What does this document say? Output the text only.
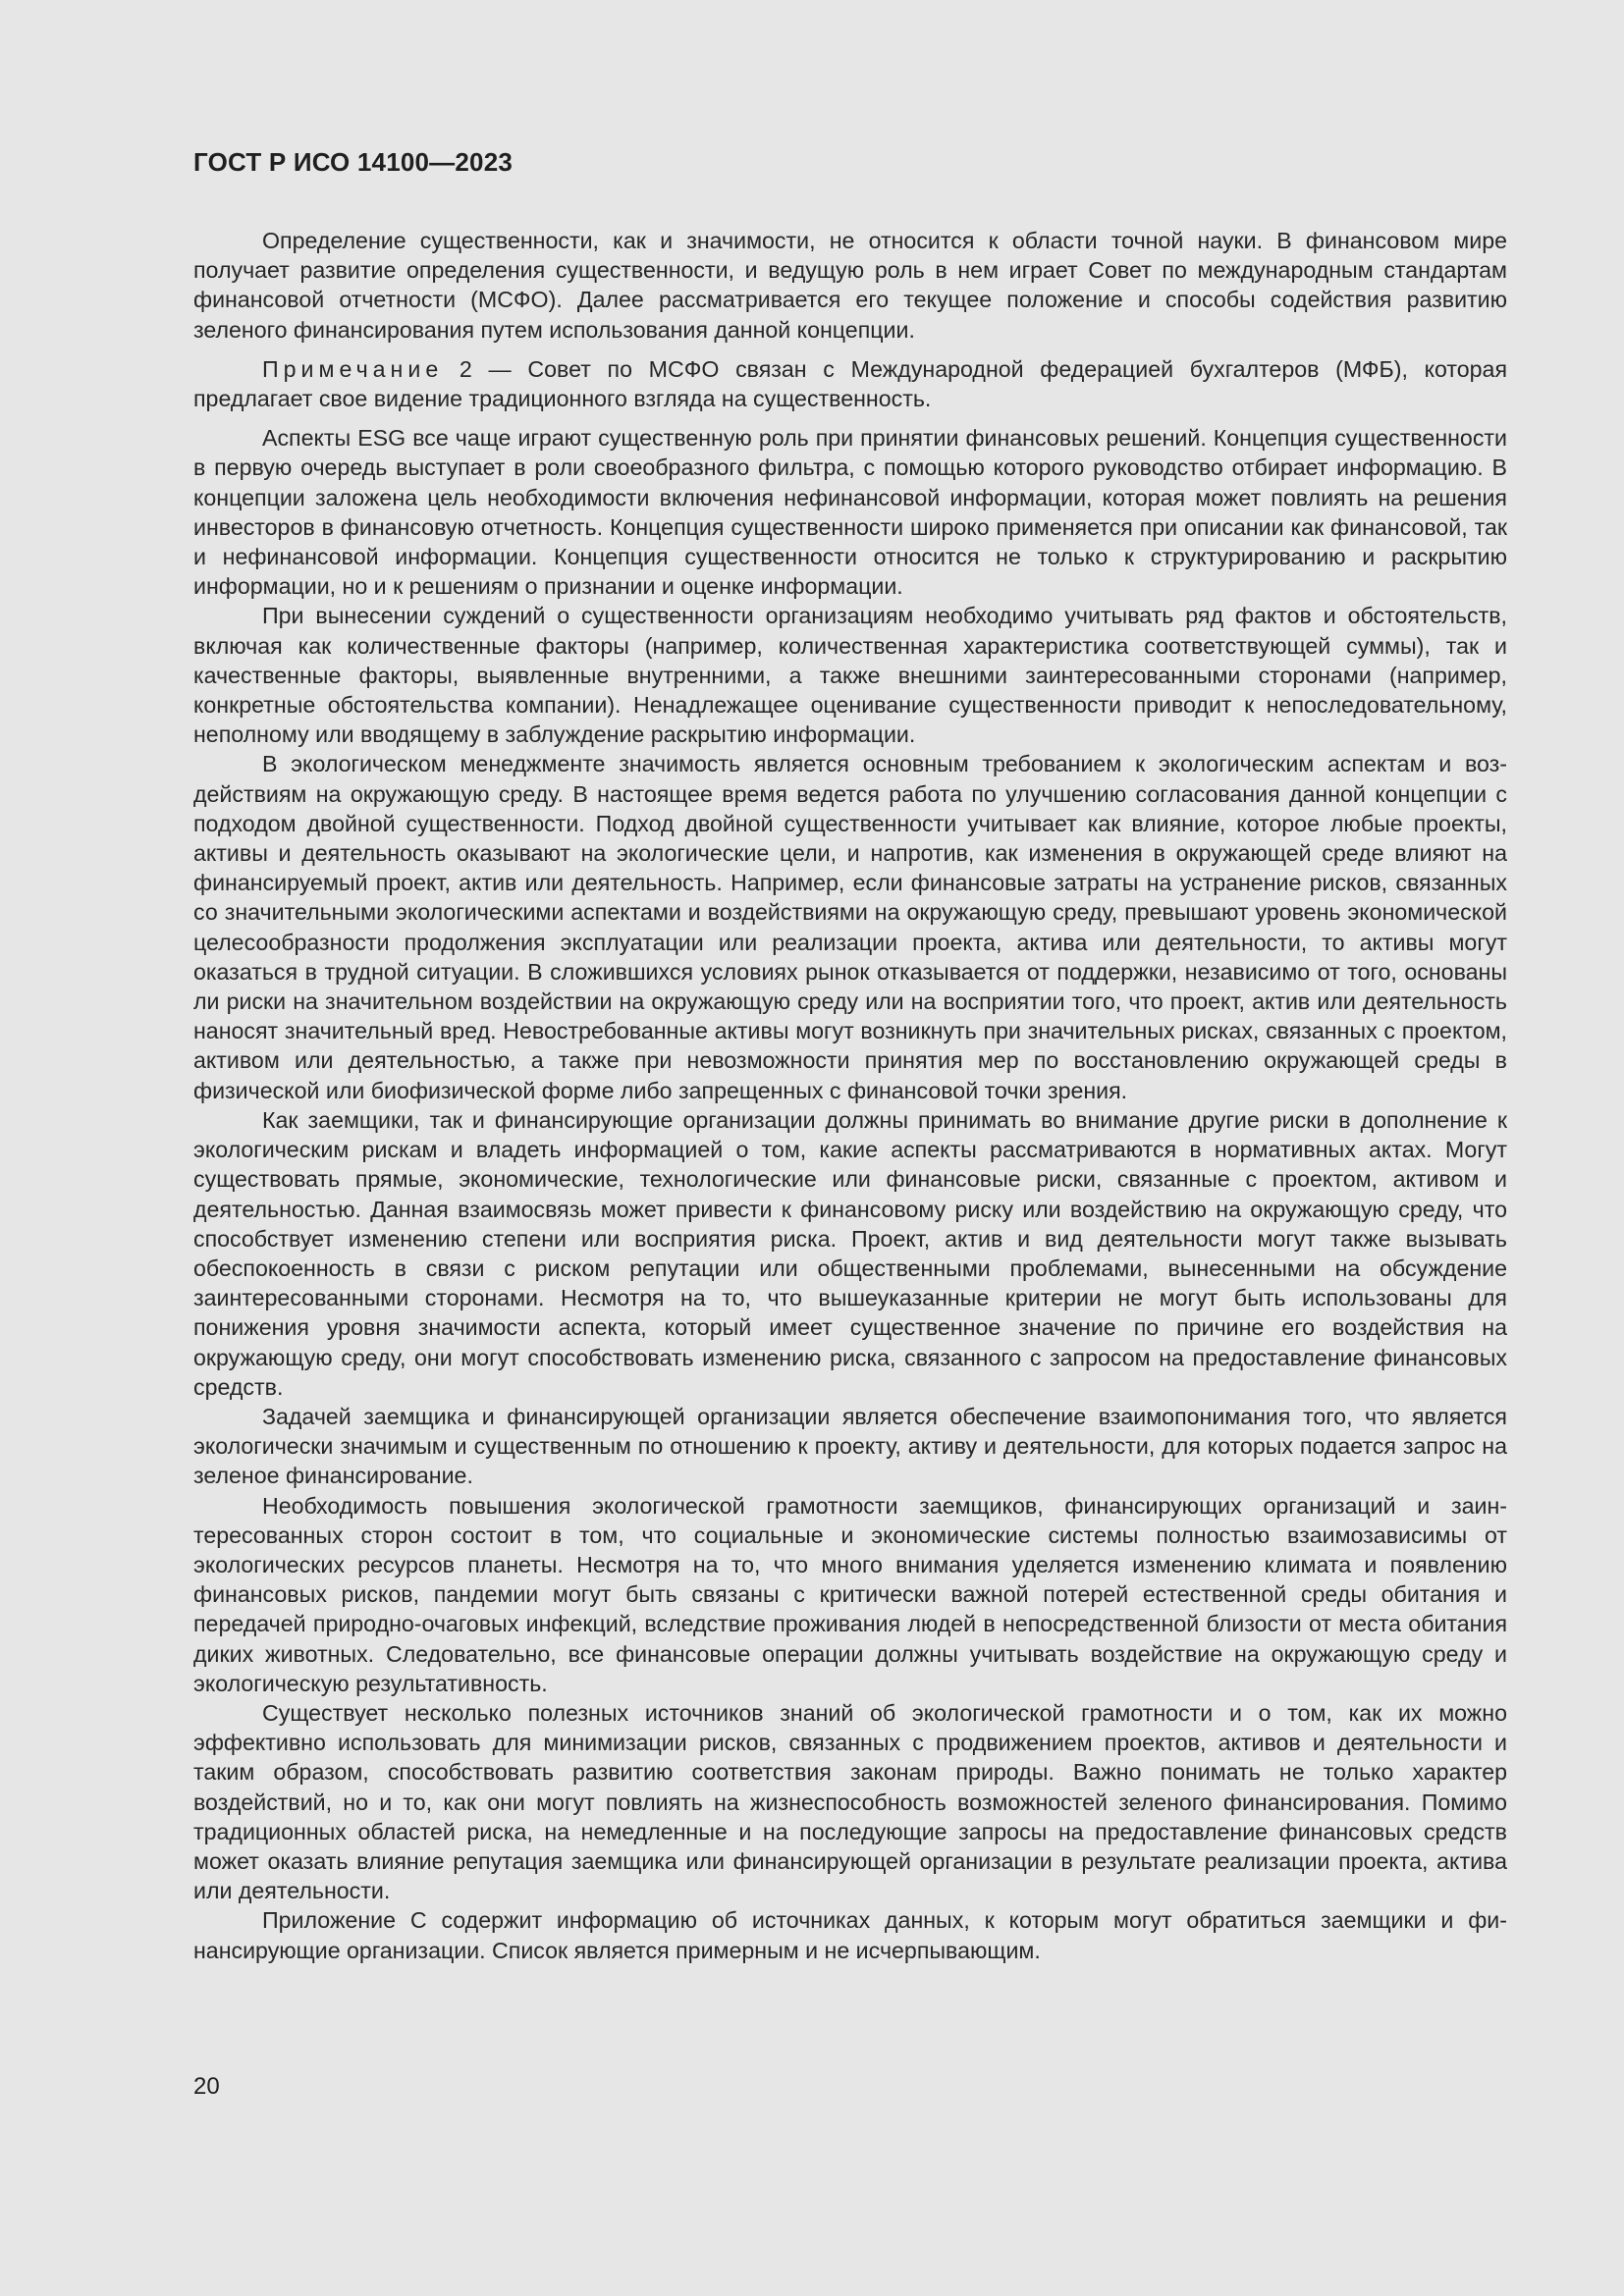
ГОСТ Р ИСО 14100—2023

Определение существенности, как и значимости, не относится к области точной науки. В финансовом мире получает развитие определения существенности, и ведущую роль в нем играет Совет по международным стандартам финансовой отчетности (МСФО). Далее рассматривается его текущее положение и способы содействия развитию зеленого финансирования путем использования данной концепции.

Примечание 2 — Совет по МСФО связан с Международной федерацией бухгалтеров (МФБ), которая предлагает свое видение традиционного взгляда на существенность.

Аспекты ESG все чаще играют существенную роль при принятии финансовых решений. Концепция существенности в первую очередь выступает в роли своеобразного фильтра, с помощью которого руководство отбирает информацию. В концепции заложена цель необходимости включения нефинансовой информации, которая может повлиять на решения инвесторов в финансовую отчетность. Концепция существенности широко применяется при описании как финансовой, так и нефинансовой информации. Концепция существенности относится не только к структурированию и раскрытию информации, но и к решениям о признании и оценке информации.

При вынесении суждений о существенности организациям необходимо учитывать ряд фактов и обстоятельств, включая как количественные факторы (например, количественная характеристика соответствующей суммы), так и качественные факторы, выявленные внутренними, а также внешними заинтересованными сторонами (например, конкретные обстоятельства компании). Ненадлежащее оценивание существенности приводит к непоследовательному, неполному или вводящему в заблуждение раскрытию информации.

В экологическом менеджменте значимость является основным требованием к экологическим аспектам и воздействиям на окружающую среду. В настоящее время ведется работа по улучшению согласования данной концепции с подходом двойной существенности. Подход двойной существенности учитывает как влияние, которое любые проекты, активы и деятельность оказывают на экологические цели, и напротив, как изменения в окружающей среде влияют на финансируемый проект, актив или деятельность. Например, если финансовые затраты на устранение рисков, связанных со значительными экологическими аспектами и воздействиями на окружающую среду, превышают уровень экономической целесообразности продолжения эксплуатации или реализации проекта, актива или деятельности, то активы могут оказаться в трудной ситуации. В сложившихся условиях рынок отказывается от поддержки, независимо от того, основаны ли риски на значительном воздействии на окружающую среду или на восприятии того, что проект, актив или деятельность наносят значительный вред. Невостребованные активы могут возникнуть при значительных рисках, связанных с проектом, активом или деятельностью, а также при невозможности принятия мер по восстановлению окружающей среды в физической или биофизической форме либо запрещенных с финансовой точки зрения.

Как заемщики, так и финансирующие организации должны принимать во внимание другие риски в дополнение к экологическим рискам и владеть информацией о том, какие аспекты рассматриваются в нормативных актах. Могут существовать прямые, экономические, технологические или финансовые риски, связанные с проектом, активом и деятельностью. Данная взаимосвязь может привести к финансовому риску или воздействию на окружающую среду, что способствует изменению степени или восприятия риска. Проект, актив и вид деятельности могут также вызывать обеспокоенность в связи с риском репутации или общественными проблемами, вынесенными на обсуждение заинтересованными сторонами. Несмотря на то, что вышеуказанные критерии не могут быть использованы для понижения уровня значимости аспекта, который имеет существенное значение по причине его воздействия на окружающую среду, они могут способствовать изменению риска, связанного с запросом на предоставление финансовых средств.

Задачей заемщика и финансирующей организации является обеспечение взаимопонимания того, что является экологически значимым и существенным по отношению к проекту, активу и деятельности, для которых подается запрос на зеленое финансирование.

Необходимость повышения экологической грамотности заемщиков, финансирующих организаций и заинтересованных сторон состоит в том, что социальные и экономические системы полностью взаимозависимы от экологических ресурсов планеты. Несмотря на то, что много внимания уделяется изменению климата и появлению финансовых рисков, пандемии могут быть связаны с критически важной потерей естественной среды обитания и передачей природно-очаговых инфекций, вследствие проживания людей в непосредственной близости от места обитания диких животных. Следовательно, все финансовые операции должны учитывать воздействие на окружающую среду и экологическую результативность.

Существует несколько полезных источников знаний об экологической грамотности и о том, как их можно эффективно использовать для минимизации рисков, связанных с продвижением проектов, активов и деятельности и таким образом, способствовать развитию соответствия законам природы. Важно понимать не только характер воздействий, но и то, как они могут повлиять на жизнеспособность возможностей зеленого финансирования. Помимо традиционных областей риска, на немедленные и на последующие запросы на предоставление финансовых средств может оказать влияние репутация заемщика или финансирующей организации в результате реализации проекта, актива или деятельности.

Приложение С содержит информацию об источниках данных, к которым могут обратиться заемщики и финансирующие организации. Список является примерным и не исчерпывающим.

20
